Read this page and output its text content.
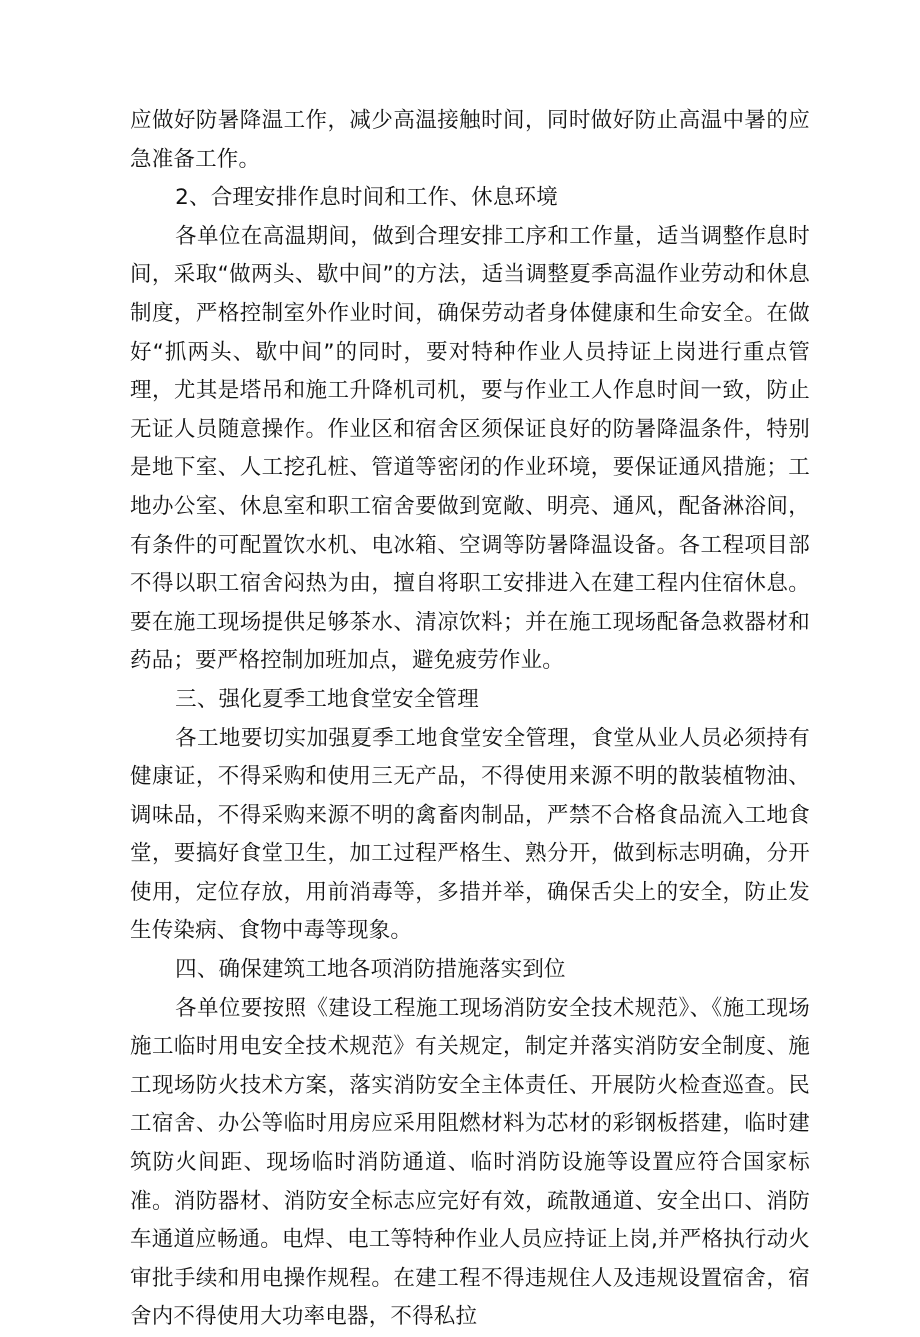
应做好防暑降温工作，减少高温接触时间，同时做好防止高温中暑的应急准备工作。

2、合理安排作息时间和工作、休息环境

各单位在高温期间，做到合理安排工序和工作量，适当调整作息时间，采取“做两头、歇中间”的方法，适当调整夏季高温作业劳动和休息制度，严格控制室外作业时间，确保劳动者身体健康和生命安全。在做好“抓两头、歇中间”的同时，要对特种作业人员持证上岗进行重点管理，尤其是塔吊和施工升降机司机，要与作业工人作息时间一致，防止无证人员随意操作。作业区和宿舍区须保证良好的防暑降温条件，特别是地下室、人工挖孔桩、管道等密闭的作业环境，要保证通风措施；工地办公室、休息室和职工宿舍要做到宽敞、明亮、通风，配备淋浴间，有条件的可配置饮水机、电冰箱、空调等防暑降温设备。各工程项目部不得以职工宿舍闷热为由，擅自将职工安排进入在建工程内住宿休息。要在施工现场提供足够茶水、清凉饮料；并在施工现场配备急救器材和药品；要严格控制加班加点，避免疲劳作业。

三、强化夏季工地食堂安全管理

各工地要切实加强夏季工地食堂安全管理，食堂从业人员必须持有健康证，不得采购和使用三无产品，不得使用来源不明的散装植物油、调味品，不得采购来源不明的禽畜肉制品，严禁不合格食品流入工地食堂，要搞好食堂卫生，加工过程严格生、熟分开，做到标志明确，分开使用，定位存放，用前消毒等，多措并举，确保舌尖上的安全，防止发生传染病、食物中毒等现象。

四、确保建筑工地各项消防措施落实到位

各单位要按照《建设工程施工现场消防安全技术规范》、《施工现场施工临时用电安全技术规范》有关规定，制定并落实消防安全制度、施工现场防火技术方案，落实消防安全主体责任、开展防火检查巡查。民工宿舍、办公等临时用房应采用阻燃材料为芯材的彩钢板搭建，临时建筑防火间距、现场临时消防通道、临时消防设施等设置应符合国家标准。消防器材、消防安全标志应完好有效，疏散通道、安全出口、消防车通道应畅通。电焊、电工等特种作业人员应持证上岗,并严格执行动火审批手续和用电操作规程。在建工程不得违规住人及违规设置宿舍，宿舍内不得使用大功率电器，不得私拉
